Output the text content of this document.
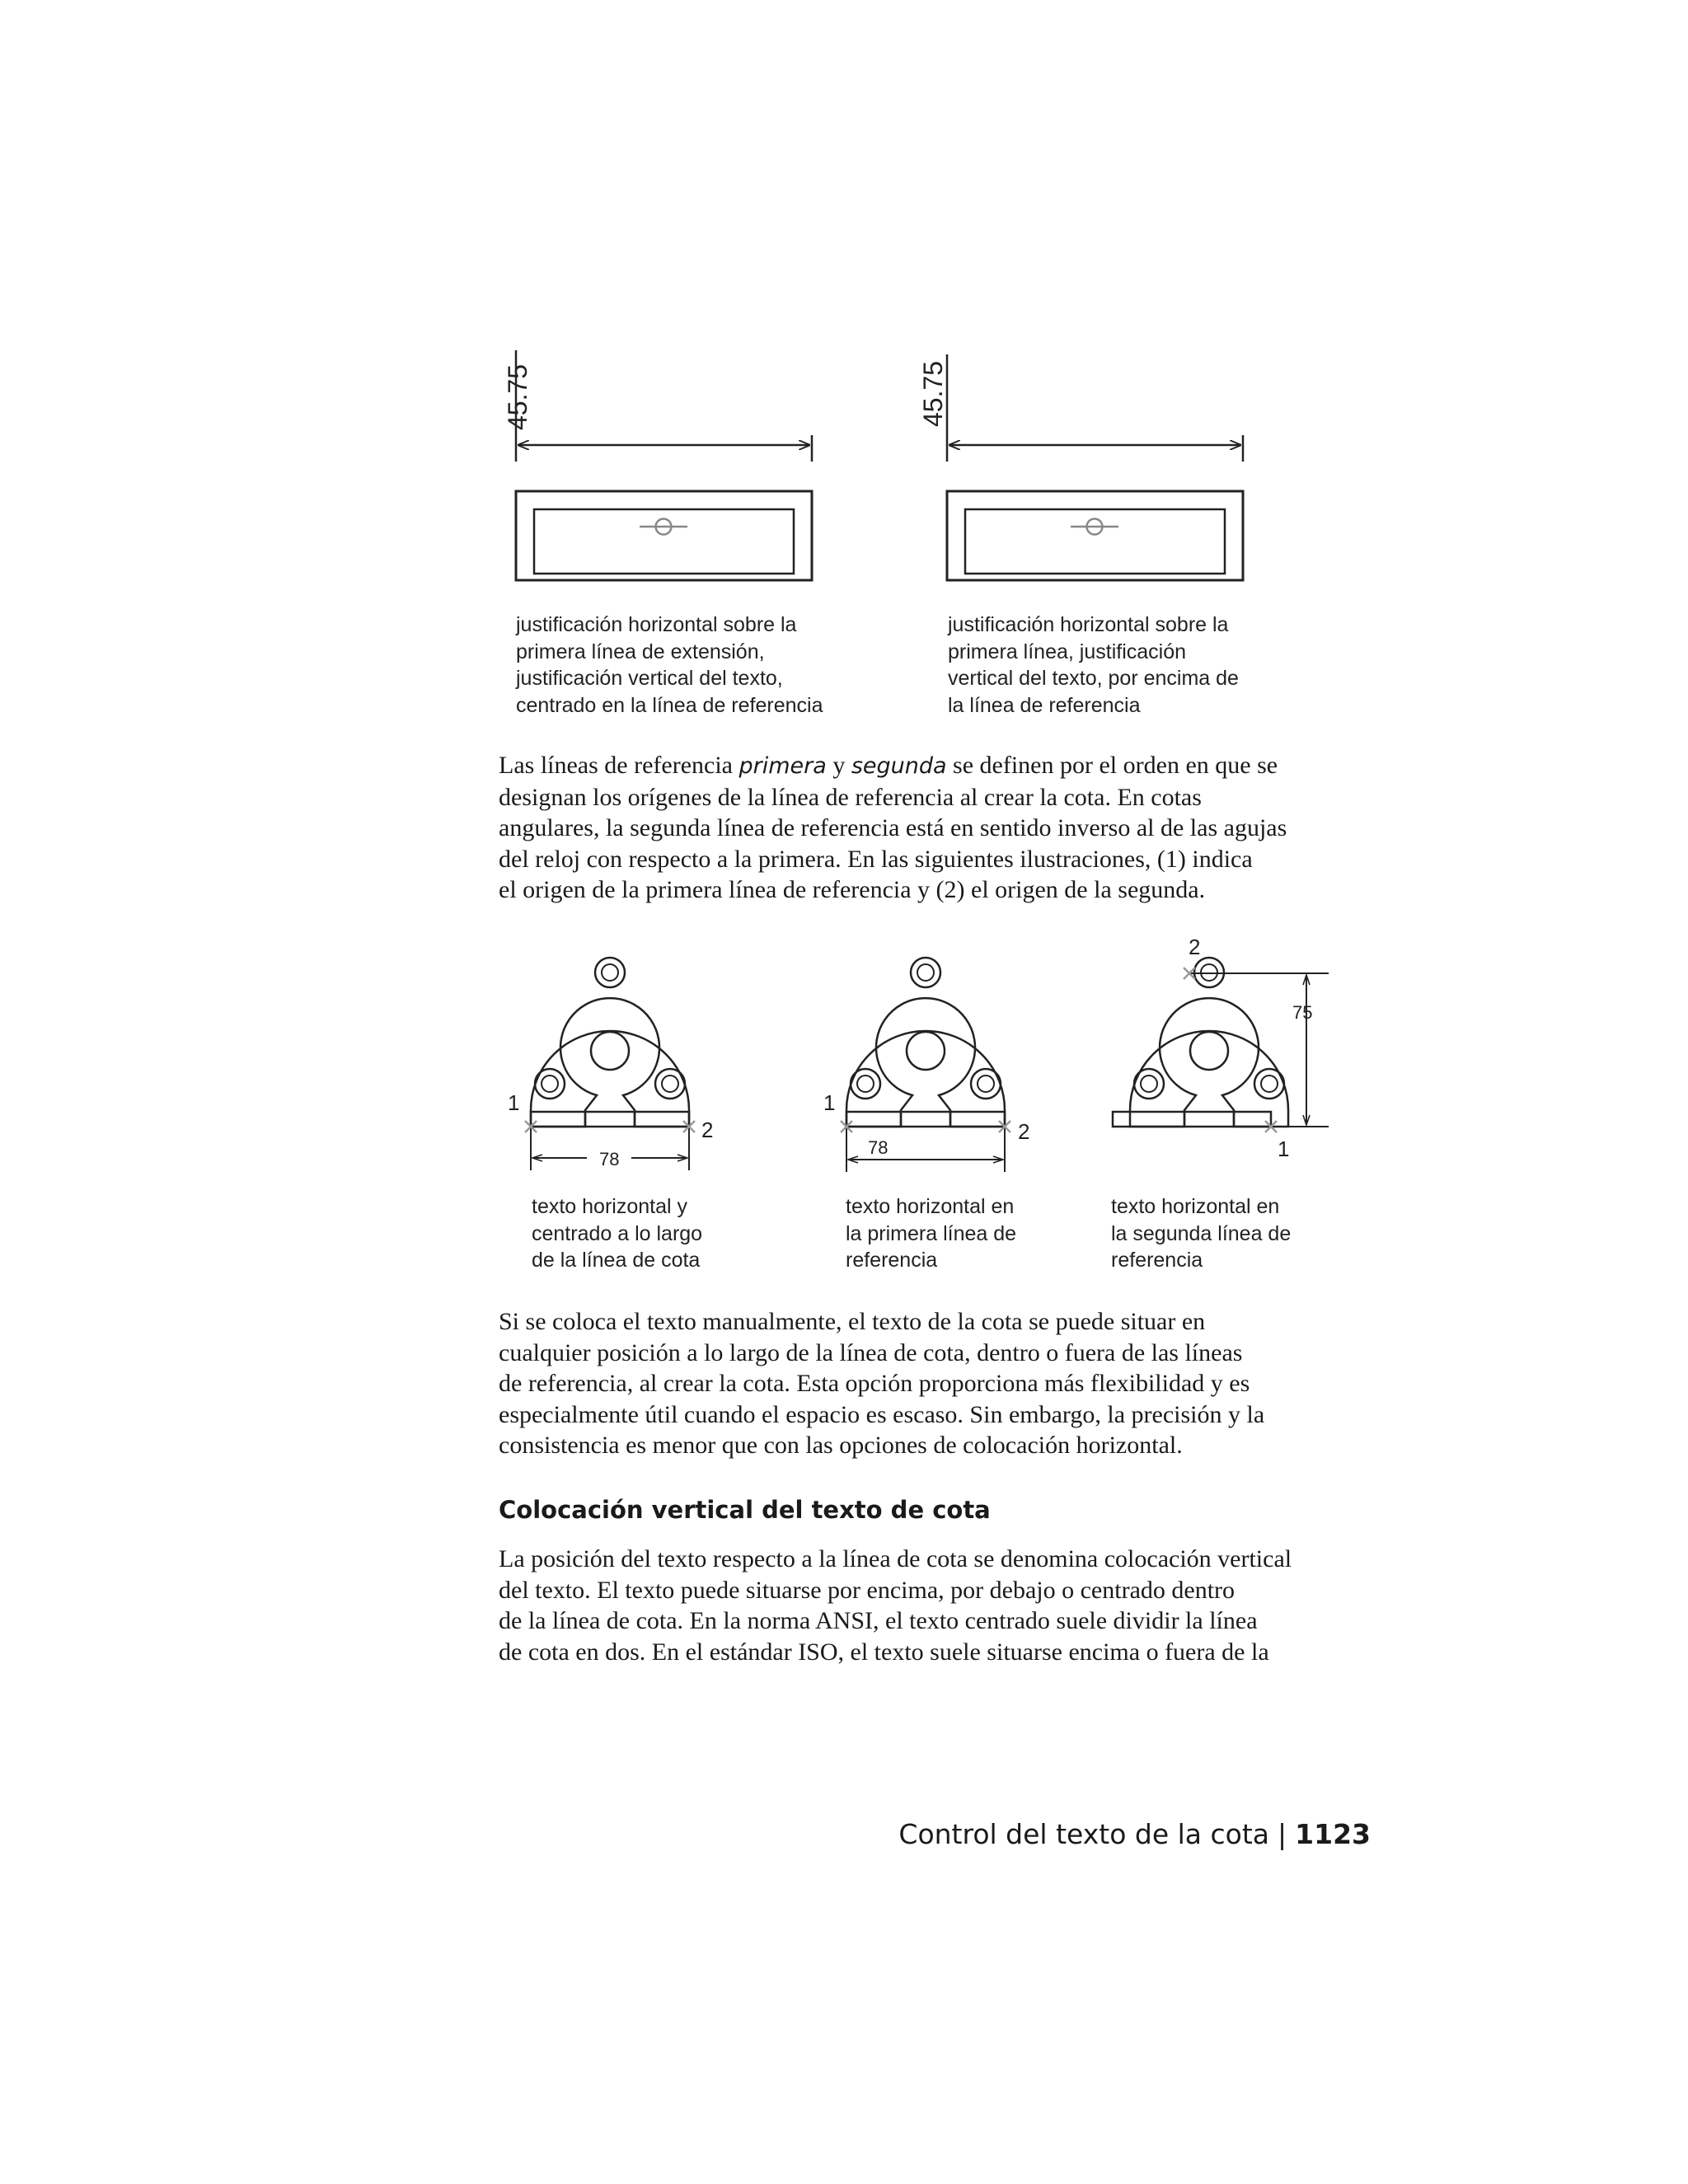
45.75	45.75

justificación horizontal sobre la
primera línea de extensión,
justificación vertical del texto,
centrado en la línea de referencia

justificación horizontal sobre la
primera línea, justificación
vertical del texto, por encima de
la línea de referencia

Las líneas de referencia primera y segunda se definen por el orden en que se
designan los orígenes de la línea de referencia al crear la cota. En cotas
angulares, la segunda línea de referencia está en sentido inverso al de las agujas
del reloj con respecto a la primera. En las siguientes ilustraciones, (1) indica
el origen de la primera línea de referencia y (2) el origen de la segunda.

1
2
78
1
2
78
2
1
75

texto horizontal y
centrado a lo largo
de la línea de cota

texto horizontal en
la primera línea de
referencia

texto horizontal en
la segunda línea de
referencia

Si se coloca el texto manualmente, el texto de la cota se puede situar en
cualquier posición a lo largo de la línea de cota, dentro o fuera de las líneas
de referencia, al crear la cota. Esta opción proporciona más flexibilidad y es
especialmente útil cuando el espacio es escaso. Sin embargo, la precisión y la
consistencia es menor que con las opciones de colocación horizontal.

Colocación vertical del texto de cota

La posición del texto respecto a la línea de cota se denomina colocación vertical
del texto. El texto puede situarse por encima, por debajo o centrado dentro
de la línea de cota. En la norma ANSI, el texto centrado suele dividir la línea
de cota en dos. En el estándar ISO, el texto suele situarse encima o fuera de la

Control del texto de la cota | 1123
